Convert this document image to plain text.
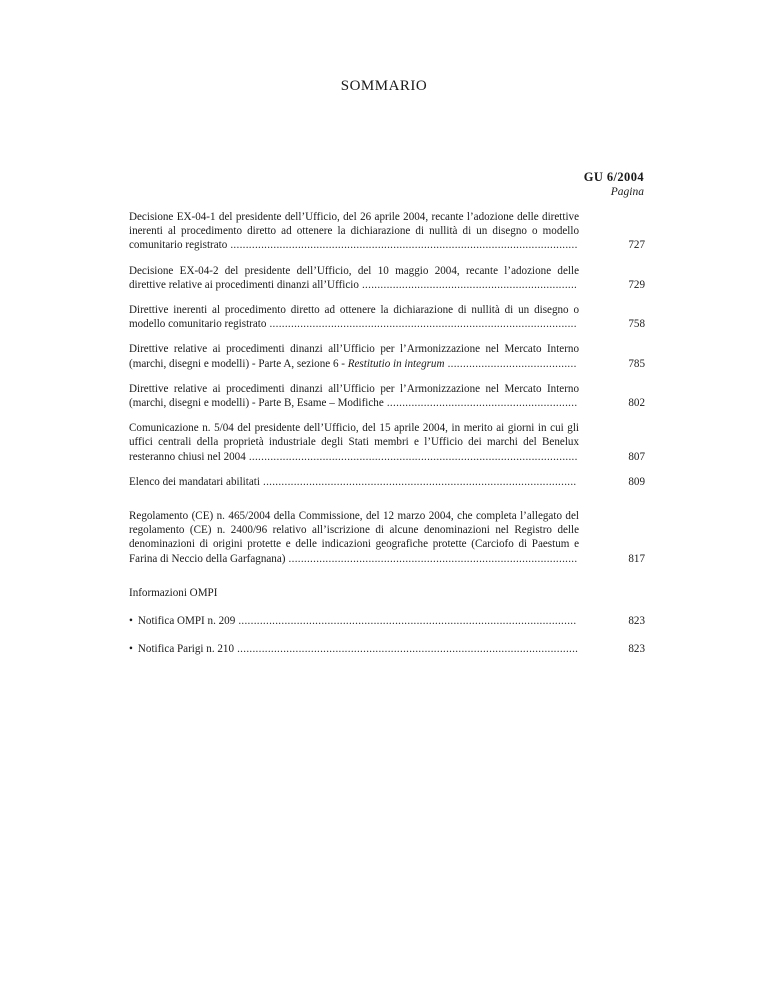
SOMMARIO
GU 6/2004
Pagina
Decisione EX-04-1 del presidente dell’Ufficio, del 26 aprile 2004, recante l’adozione delle direttive inerenti al procedimento diretto ad ottenere la dichiarazione di nullità di un disegno o modello comunitario registrato .................................................................................................................	727
Decisione EX-04-2 del presidente dell’Ufficio, del 10 maggio 2004, recante l’adozione delle direttive relative ai procedimenti dinanzi all’Ufficio ......................................................................	729
Direttive inerenti al procedimento diretto ad ottenere la dichiarazione di nullità di un disegno o modello comunitario registrato ....................................................................................................	758
Direttive relative ai procedimenti dinanzi all’Ufficio per l’Armonizzazione nel Mercato Interno (marchi, disegni e modelli) - Parte A, sezione 6 - Restitutio in integrum ..........................................	785
Direttive relative ai procedimenti dinanzi all’Ufficio per l’Armonizzazione nel Mercato Interno (marchi, disegni e modelli) - Parte B, Esame – Modifiche ..............................................................	802
Comunicazione n. 5/04 del presidente dell’Ufficio, del 15 aprile 2004, in merito ai giorni in cui gli uffici centrali della proprietà industriale degli Stati membri e l’Ufficio dei marchi del Benelux resteranno chiusi nel 2004 ...........................................................................................................	807
Elenco dei mandatari abilitati ......................................................................................................	809
Regolamento (CE) n. 465/2004 della Commissione, del 12 marzo 2004, che completa l’allegato del regolamento (CE) n. 2400/96 relativo all’iscrizione di alcune denominazioni nel Registro delle denominazioni di origini protette e delle indicazioni geografiche protette (Carciofo di Paestum e Farina di Neccio della Garfagnana) ..............................................................................................	817
Informazioni OMPI
• Notifica OMPI n. 209 ..............................................................................................................	823
• Notifica Parigi n. 210 ...............................................................................................................	823
